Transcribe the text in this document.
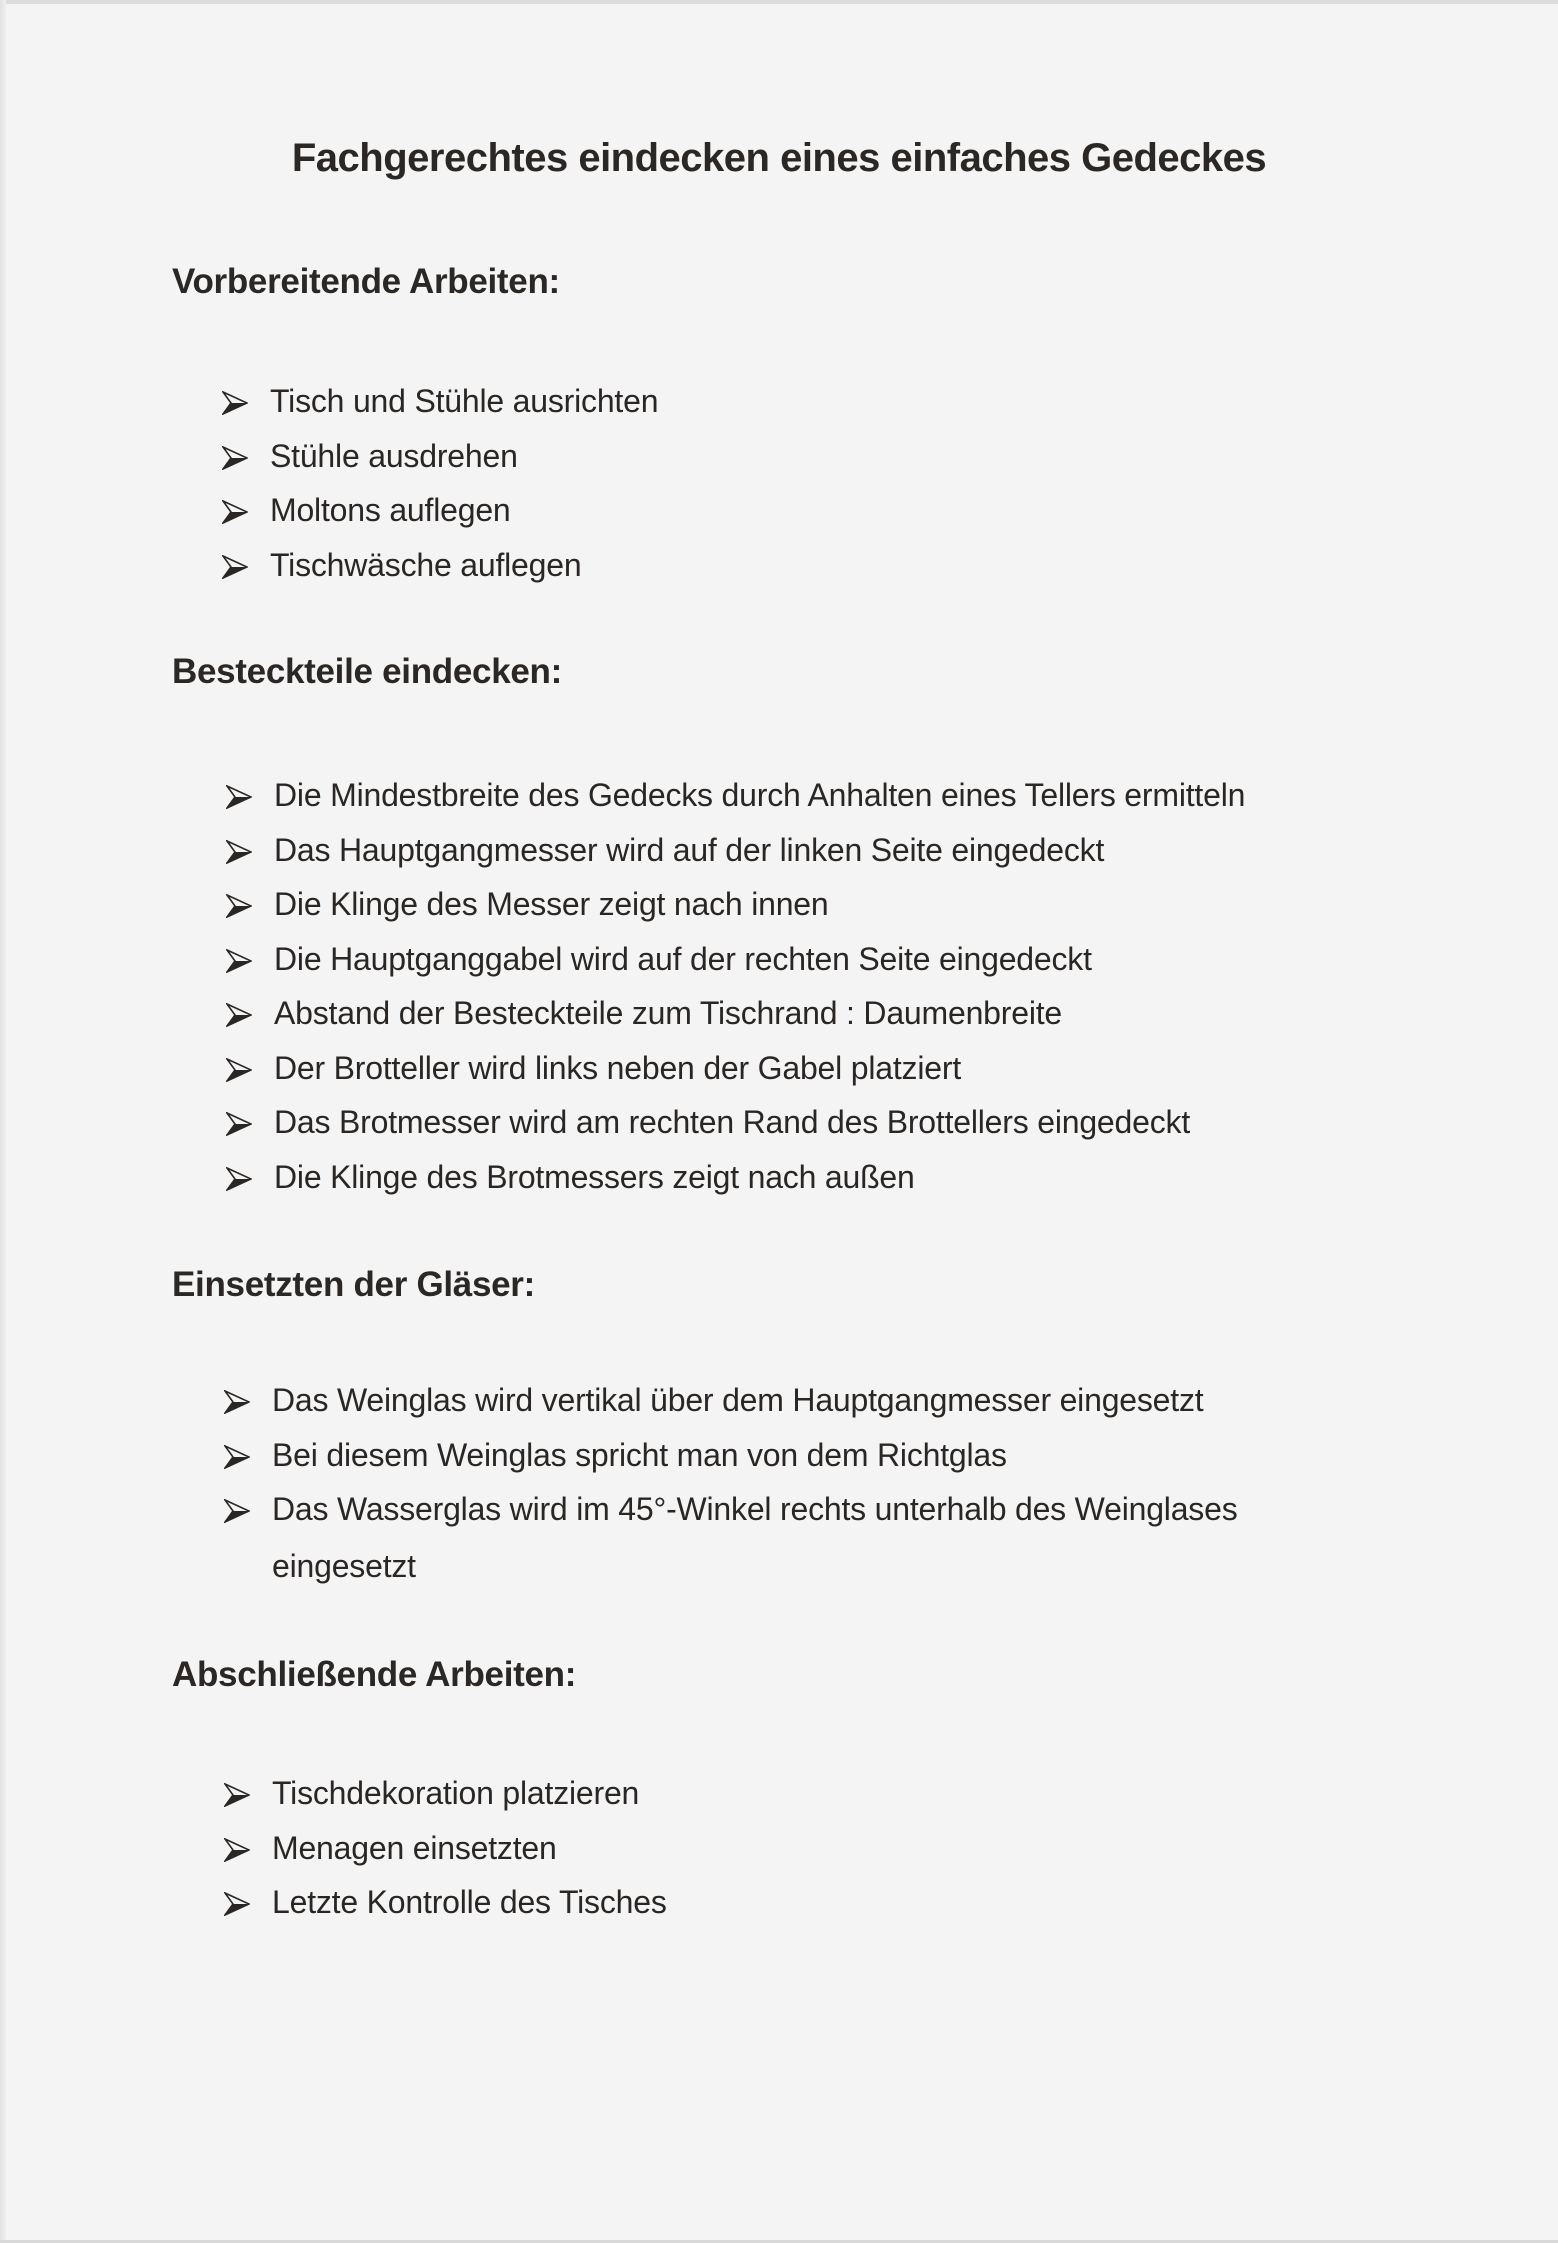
Fachgerechtes eindecken eines einfaches Gedeckes
Vorbereitende Arbeiten:
Tisch und Stühle ausrichten
Stühle ausdrehen
Moltons auflegen
Tischwäsche auflegen
Besteckteile eindecken:
Die Mindestbreite des Gedecks durch Anhalten eines Tellers ermitteln
Das Hauptgangmesser wird auf der linken Seite eingedeckt
Die Klinge des Messer zeigt nach innen
Die Hauptganggabel wird auf der rechten Seite eingedeckt
Abstand der Besteckteile zum Tischrand : Daumenbreite
Der Brotteller wird links neben der Gabel platziert
Das Brotmesser wird am rechten Rand des Brottellers eingedeckt
Die Klinge des Brotmessers zeigt nach außen
Einsetzten der Gläser:
Das Weinglas wird vertikal über dem Hauptgangmesser eingesetzt
Bei diesem Weinglas spricht man von dem Richtglas
Das Wasserglas wird im 45°-Winkel rechts unterhalb des Weinglases
eingesetzt
Abschließende Arbeiten:
Tischdekoration platzieren
Menagen einsetzten
Letzte Kontrolle des Tisches
